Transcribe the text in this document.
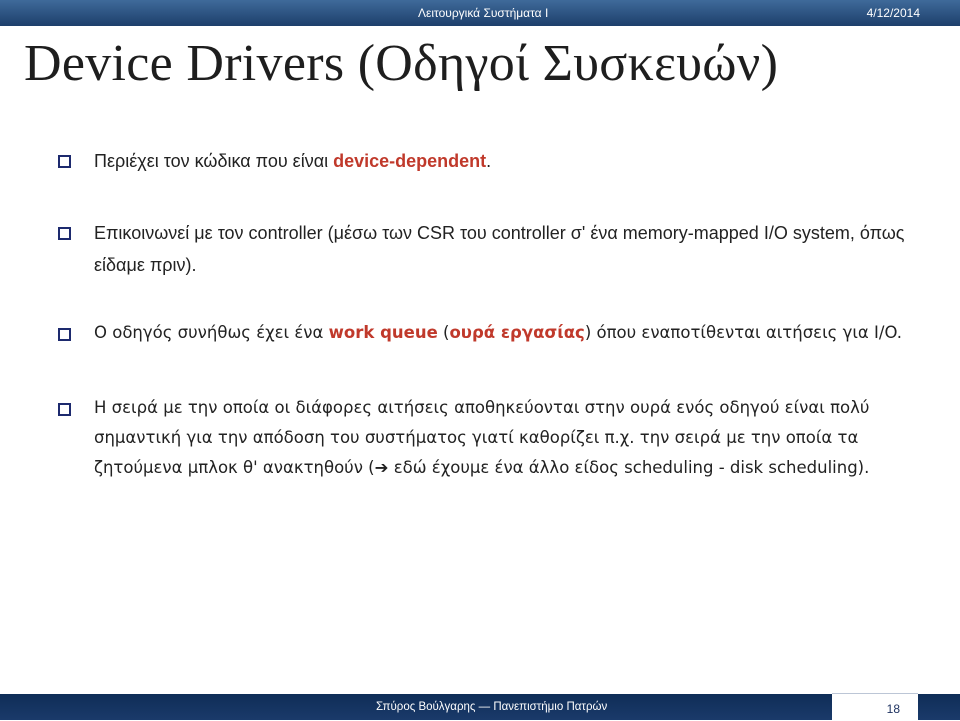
Λειτουργικά Συστήματα Ι	4/12/2014
Device Drivers (Οδηγοί Συσκευών)
Περιέχει τον κώδικα που είναι device-dependent.
Επικοινωνεί με τον controller (μέσω των CSR του controller σ' ένα memory-mapped I/O system, όπως είδαμε πριν).
Ο οδηγός συνήθως έχει ένα work queue (ουρά εργασίας) όπου εναποτίθενται αιτήσεις για I/O.
Η σειρά με την οποία οι διάφορες αιτήσεις αποθηκεύονται στην ουρά ενός οδηγού είναι πολύ σημαντική για την απόδοση του συστήματος γιατί καθορίζει π.χ. την σειρά με την οποία τα ζητούμενα μπλοκ θ' ανακτηθούν (➔ εδώ έχουμε ένα άλλο είδος scheduling - disk scheduling).
Σπύρος Βούλγαρης — Πανεπιστήμιο Πατρών	18
